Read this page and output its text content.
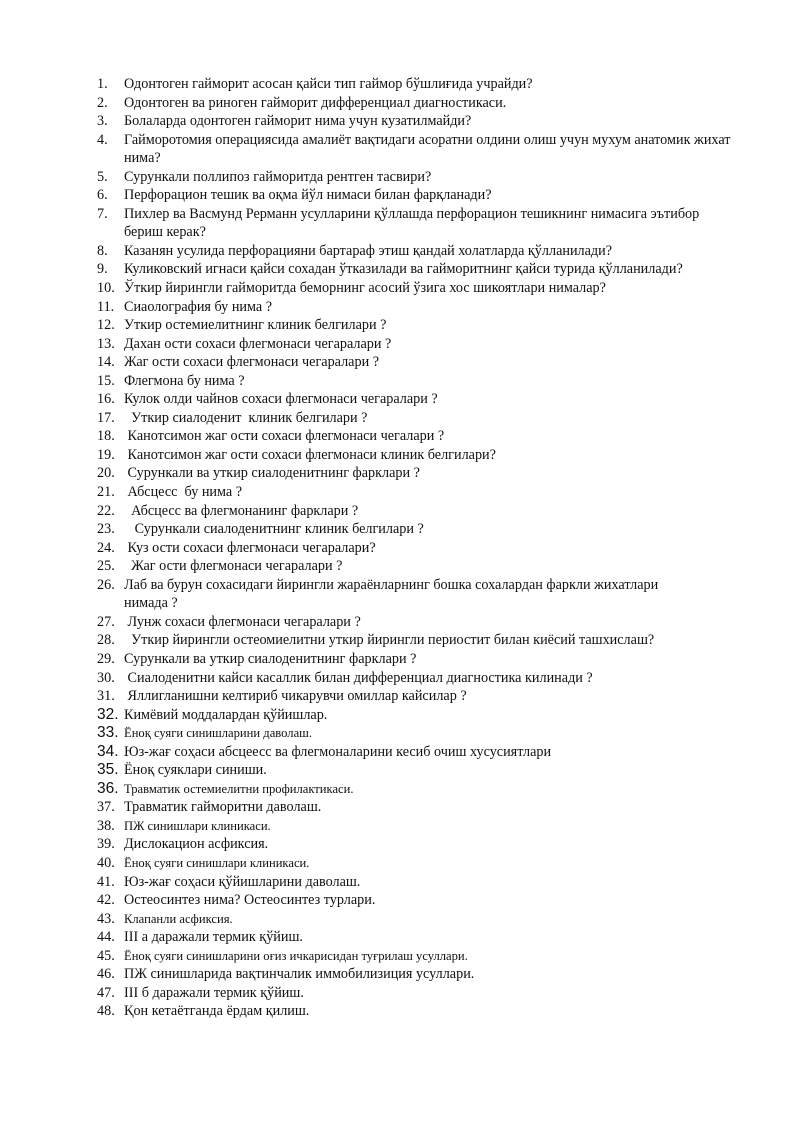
1.	Одонтоген гайморит асосан қайси тип гаймор бўшлиғида учрайди?
2.	Одонтоген ва риноген гайморит дифференциал диагностикаси.
3.	Болаларда одонтоген гайморит нима учун кузатилмайди?
4.	Гайморотомия операциясида амалиёт вақтидаги асоратни олдини олиш учун мухум анатомик жихат нима?
5.	Сурункали поллипоз гайморитда рентген тасвири?
6.	Перфорацион тешик ва оқма йўл нимаси билан фарқланади?
7.	Пихлер ва Васмунд Рерманн усулларини қўллашда перфорацион тешикнинг нимасига эътибор бериш керак?
8.	Казанян усулида перфорацияни бартараф этиш қандай холатларда қўлланилади?
9.	Куликовский игнаси қайси сохадан ўтказилади ва гайморитнинг қайси турида қўлланилади?
10. Ўткир йирингли гайморитда беморнинг асосий ўзига хос шикоятлари нималар?
11. Сиаолография бу нима ?
12. Уткир остемиелитнинг клиник белгилари ?
13. Дахан ости сохаси флегмонаси чегаралари ?
14. Жаг ости сохаси флегмонаси чегаралари ?
15. Флегмона бу нима ?
16. Кулок олди чайнов сохаси флегмонаси чегаралари ?
17. Уткир сиалоденит  клиник белгилари ?
18. Канотсимон жаг ости сохаси флегмонаси чегалари ?
19. Канотсимон жаг ости сохаси флегмонаси клиник белгилари?
20. Сурункали ва уткир сиалоденитнинг фарклари ?
21. Абсцесс  бу нима ?
22. Абсцесс ва флегмонанинг фарклари ?
23. Сурункали сиалоденитнинг клиник белгилари ?
24. Куз ости сохаси флегмонаси чегаралари?
25. Жаг ости флегмонаси чегаралари ?
26. Лаб ва бурун сохасидаги йирингли жараёнларнинг бошка сохалардан фаркли жихатлари нимада ?
27. Лунж сохаси флегмонаси чегаралари ?
28. Уткир йирингли остеомиелитни уткир йирингли периостит билан киёсий ташхислаш?
29. Сурункали ва уткир сиалоденитнинг фарклари ?
30. Сиалоденитни кайси касаллик билан дифференциал диагностика килинади ?
31. Яллигланишни келтириб чикарувчи омиллар кайсилар ?
32. Кимёвий моддалардан қўйишлар.
33. Ёноқ суяги синишларини даволаш.
34. Юз-жағ соҳаси абсцеесс ва флегмоналарини кесиб очиш хусусиятлари
35. Ёноқ суяклари синиши.
36. Травматик остемиелитни профилактикаси.
37. Травматик гайморитни даволаш.
38. ПЖ синишлари клиникаси.
39. Дислокацион асфиксия.
40. Ёноқ суяги синишлари клиникаси.
41. Юз-жағ соҳаси қўйишларини даволаш.
42. Остеосинтез нима? Остеосинтез турлари.
43. Клапанли асфиксия.
44. III а даражали термик қўйиш.
45. Ёноқ суяги синишларини оғиз ичкарисидан туғрилаш усуллари.
46. ПЖ синишларида вақтинчалик иммобилизиция усуллари.
47. III б даражали термик қўйиш.
48. Қон кетаётганда ёрдам қилиш.
